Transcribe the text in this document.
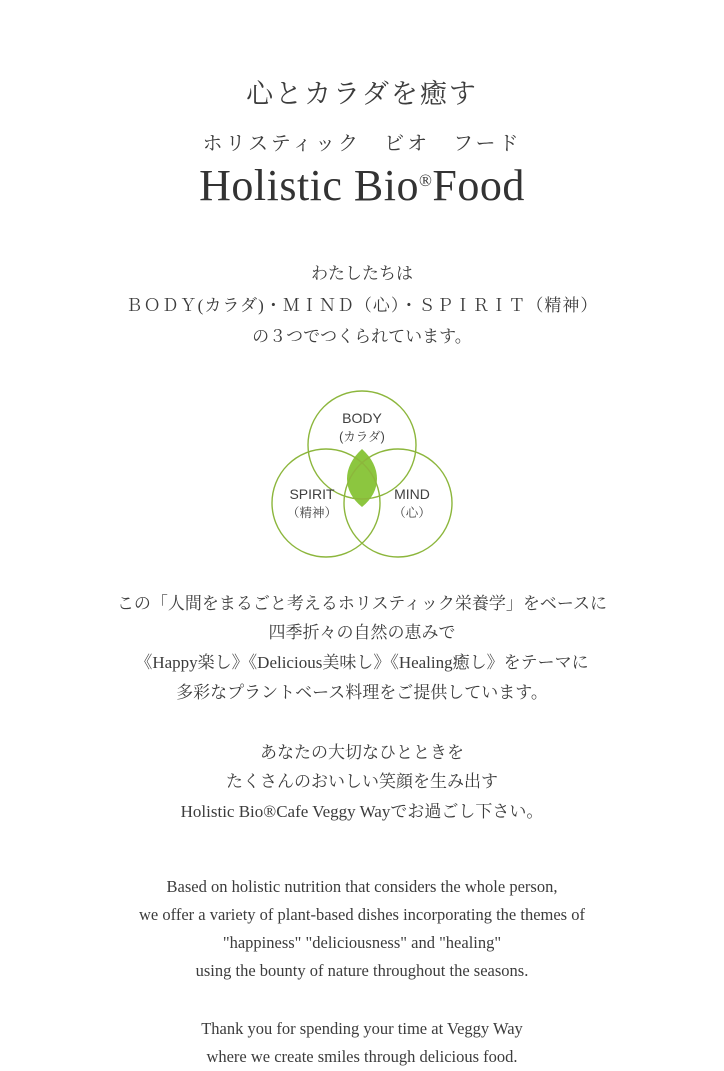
心とカラダを癒す
ホリスティック　ビオ　フード
Holistic Bio®Food
わたしたちは
ＢＯＤＹ(カラダ)・ＭＩＮＤ（心）・ＳＰＩＲＩＴ（精神）
の３つでつくられています。
BODY
(カラダ)
SPIRIT
（精神）
MIND
（心）
この「人間をまるごと考えるホリスティック栄養学」をベースに
四季折々の自然の恵みで
《Happy楽し》《Delicious美味し》《Healing癒し》をテーマに
多彩なプラントベース料理をご提供しています。
あなたの大切なひとときを
たくさんのおいしい笑顔を生み出す
Holistic Bio®Cafe Veggy Wayでお過ごし下さい。
Based on holistic nutrition that considers the whole person,
we offer a variety of plant-based dishes incorporating the themes of
"happiness" "deliciousness" and "healing"
using the bounty of nature throughout the seasons.
Thank you for spending your time at Veggy Way
where we create smiles through delicious food.
